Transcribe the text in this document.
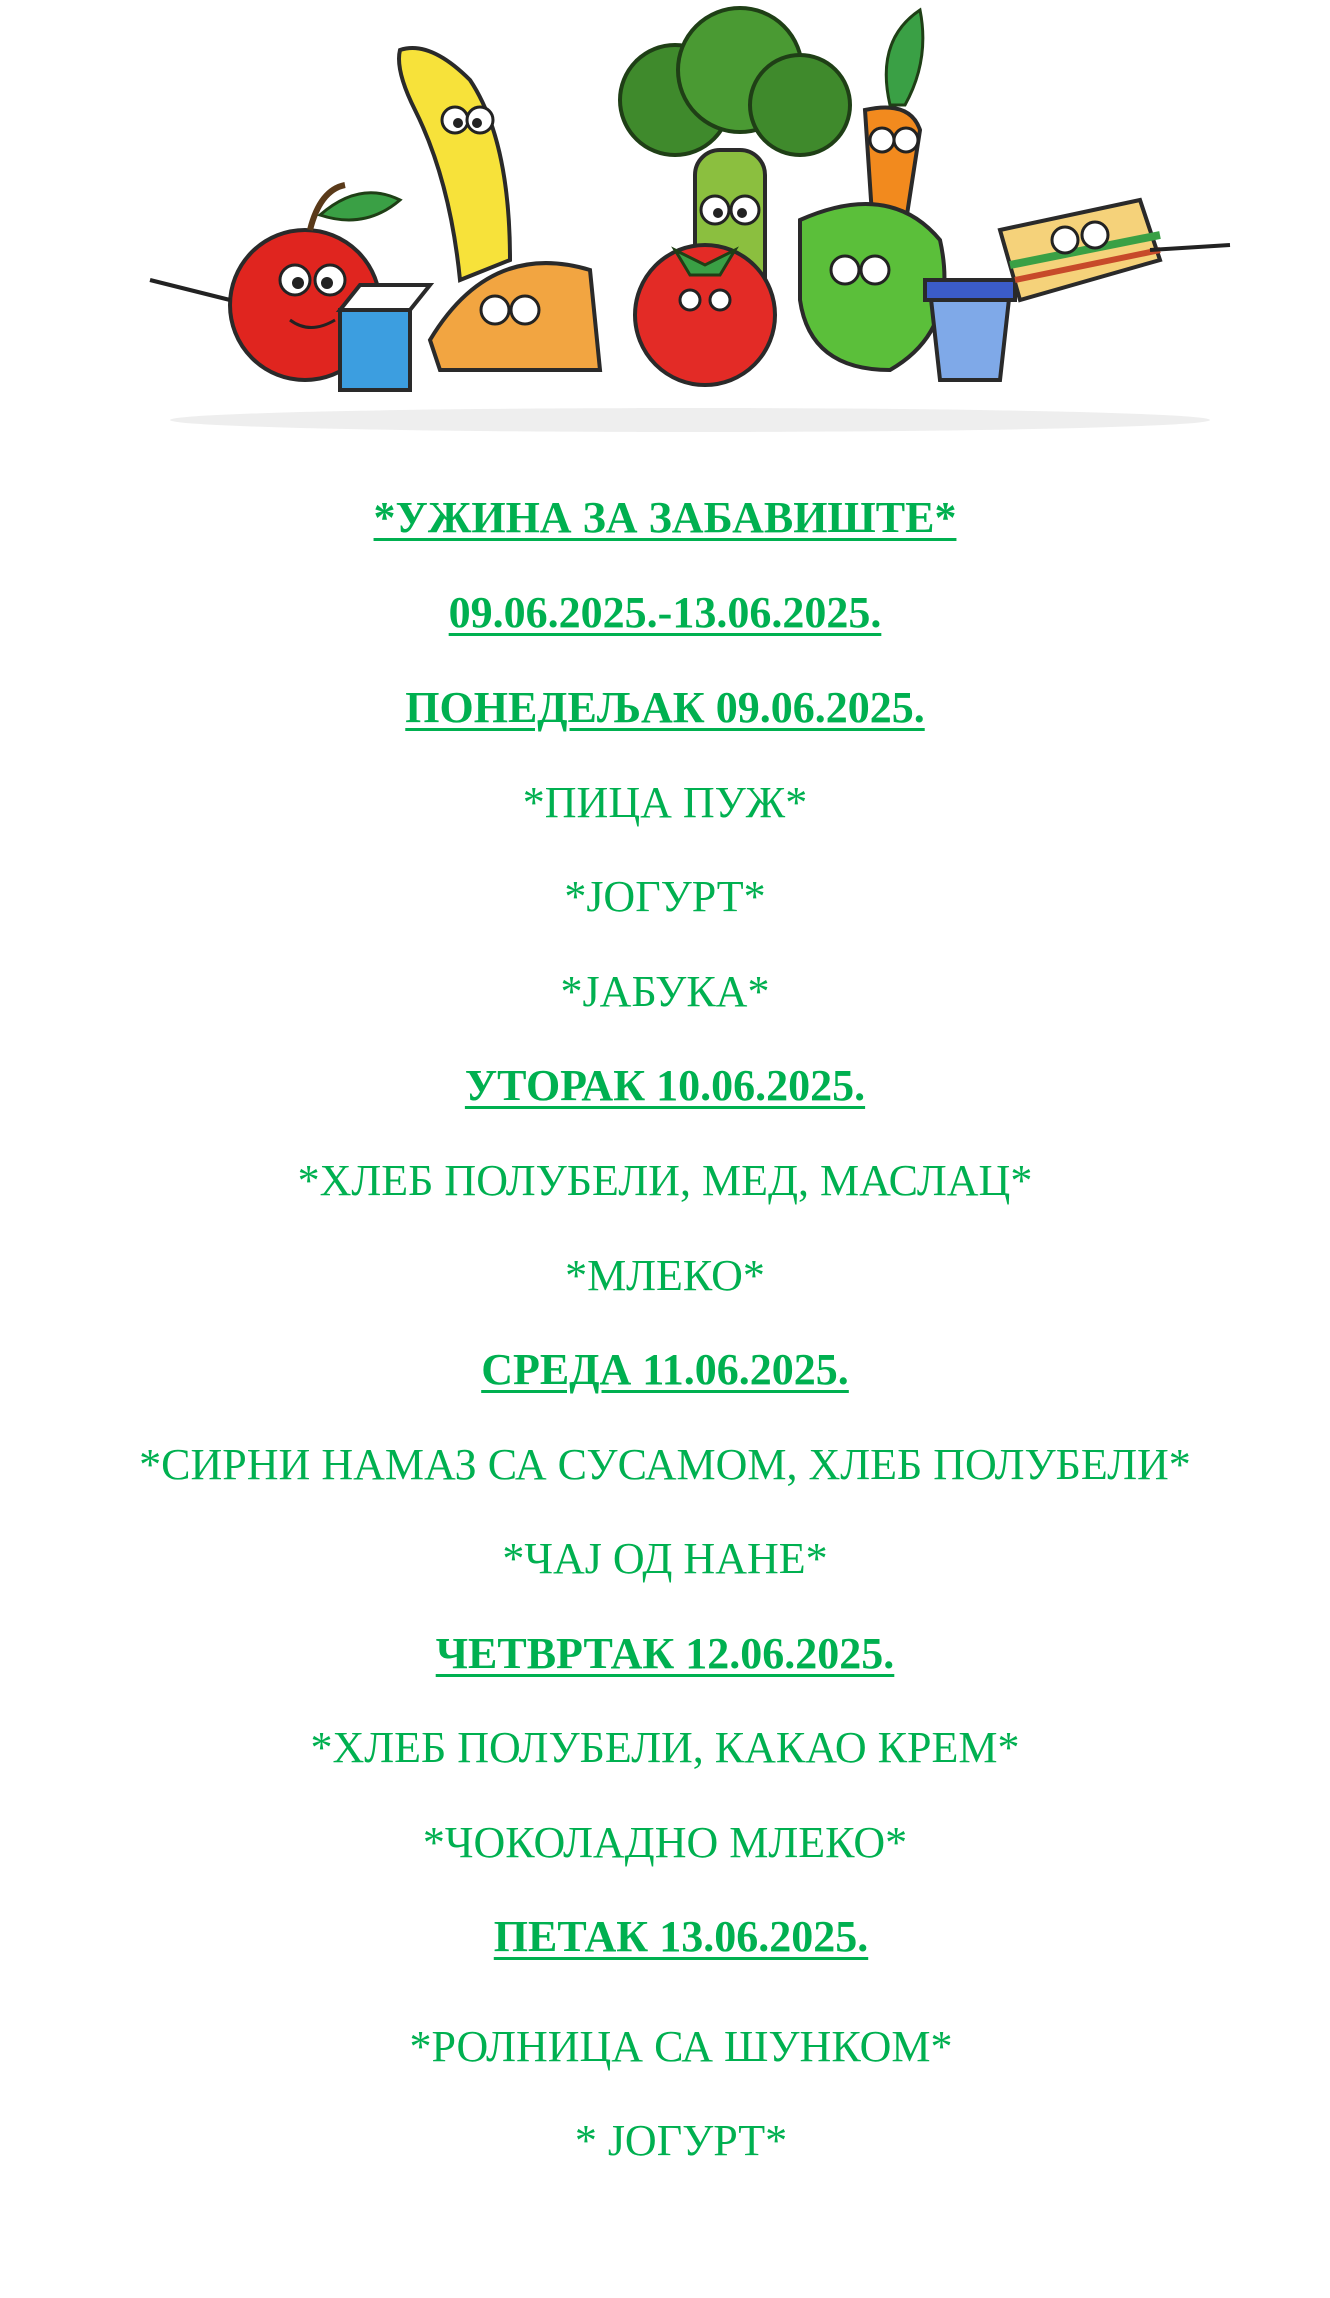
*УЖИНА ЗА ЗАБАВИШТЕ*
09.06.2025.-13.06.2025.
ПОНЕДЕЉАК 09.06.2025.
*ПИЦА ПУЖ*
*ЈОГУРТ*
*ЈАБУКА*
УТОРАК 10.06.2025.
*ХЛЕБ ПОЛУБЕЛИ, МЕД, МАСЛАЦ*
*МЛЕКО*
СРЕДА 11.06.2025.
*СИРНИ НАМАЗ СА СУСАМОМ, ХЛЕБ ПОЛУБЕЛИ*
*ЧАЈ ОД НАНЕ*
ЧЕТВРТАК 12.06.2025.
*ХЛЕБ ПОЛУБЕЛИ, КАКАО КРЕМ*
*ЧОКОЛАДНО МЛЕКО*
ПЕТАК 13.06.2025.
*РОЛНИЦА СА ШУНКОМ*
* ЈОГУРТ*
